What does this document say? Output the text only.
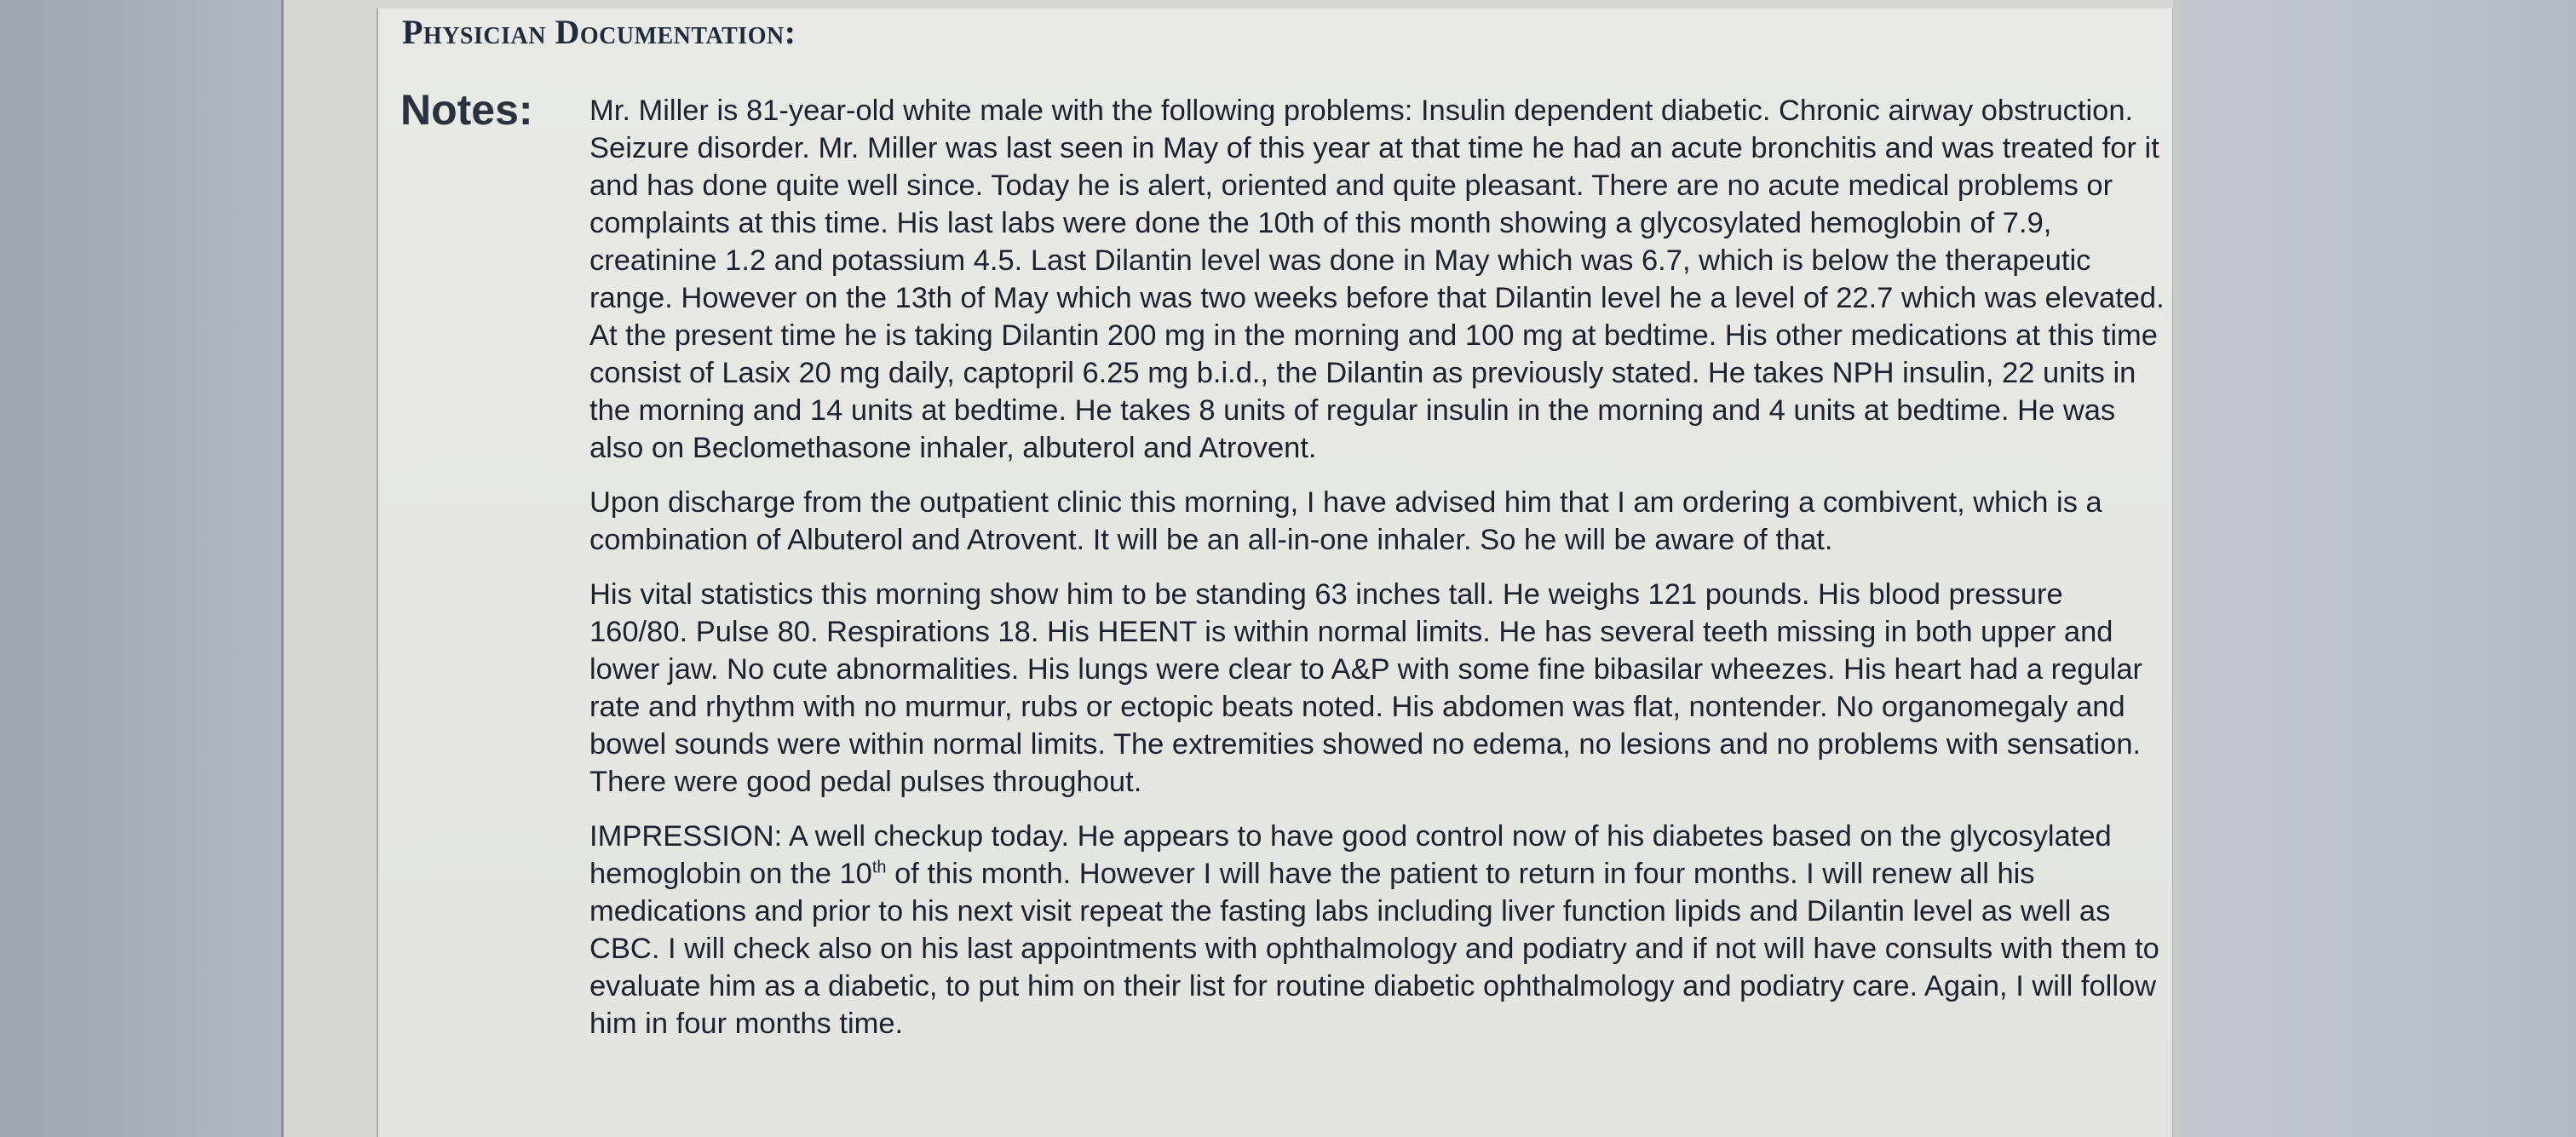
Physician Documentation:
Notes: Mr. Miller is 81-year-old white male with the following problems: Insulin dependent diabetic. Chronic airway obstruction. Seizure disorder. Mr. Miller was last seen in May of this year at that time he had an acute bronchitis and was treated for it and has done quite well since. Today he is alert, oriented and quite pleasant. There are no acute medical problems or complaints at this time. His last labs were done the 10th of this month showing a glycosylated hemoglobin of 7.9, creatinine 1.2 and potassium 4.5. Last Dilantin level was done in May which was 6.7, which is below the therapeutic range. However on the 13th of May which was two weeks before that Dilantin level he a level of 22.7 which was elevated. At the present time he is taking Dilantin 200 mg in the morning and 100 mg at bedtime. His other medications at this time consist of Lasix 20 mg daily, captopril 6.25 mg b.i.d., the Dilantin as previously stated. He takes NPH insulin, 22 units in the morning and 14 units at bedtime. He takes 8 units of regular insulin in the morning and 4 units at bedtime. He was also on Beclomethasone inhaler, albuterol and Atrovent.

Upon discharge from the outpatient clinic this morning, I have advised him that I am ordering a combivent, which is a combination of Albuterol and Atrovent. It will be an all-in-one inhaler. So he will be aware of that.

His vital statistics this morning show him to be standing 63 inches tall. He weighs 121 pounds. His blood pressure 160/80. Pulse 80. Respirations 18. His HEENT is within normal limits. He has several teeth missing in both upper and lower jaw. No cute abnormalities. His lungs were clear to A&P with some fine bibasilar wheezes. His heart had a regular rate and rhythm with no murmur, rubs or ectopic beats noted. His abdomen was flat, nontender. No organomegaly and bowel sounds were within normal limits. The extremities showed no edema, no lesions and no problems with sensation. There were good pedal pulses throughout.

IMPRESSION: A well checkup today. He appears to have good control now of his diabetes based on the glycosylated hemoglobin on the 10th of this month. However I will have the patient to return in four months. I will renew all his medications and prior to his next visit repeat the fasting labs including liver function lipids and Dilantin level as well as CBC. I will check also on his last appointments with ophthalmology and podiatry and if not will have consults with them to evaluate him as a diabetic, to put him on their list for routine diabetic ophthalmology and podiatry care. Again, I will follow him in four months time.
